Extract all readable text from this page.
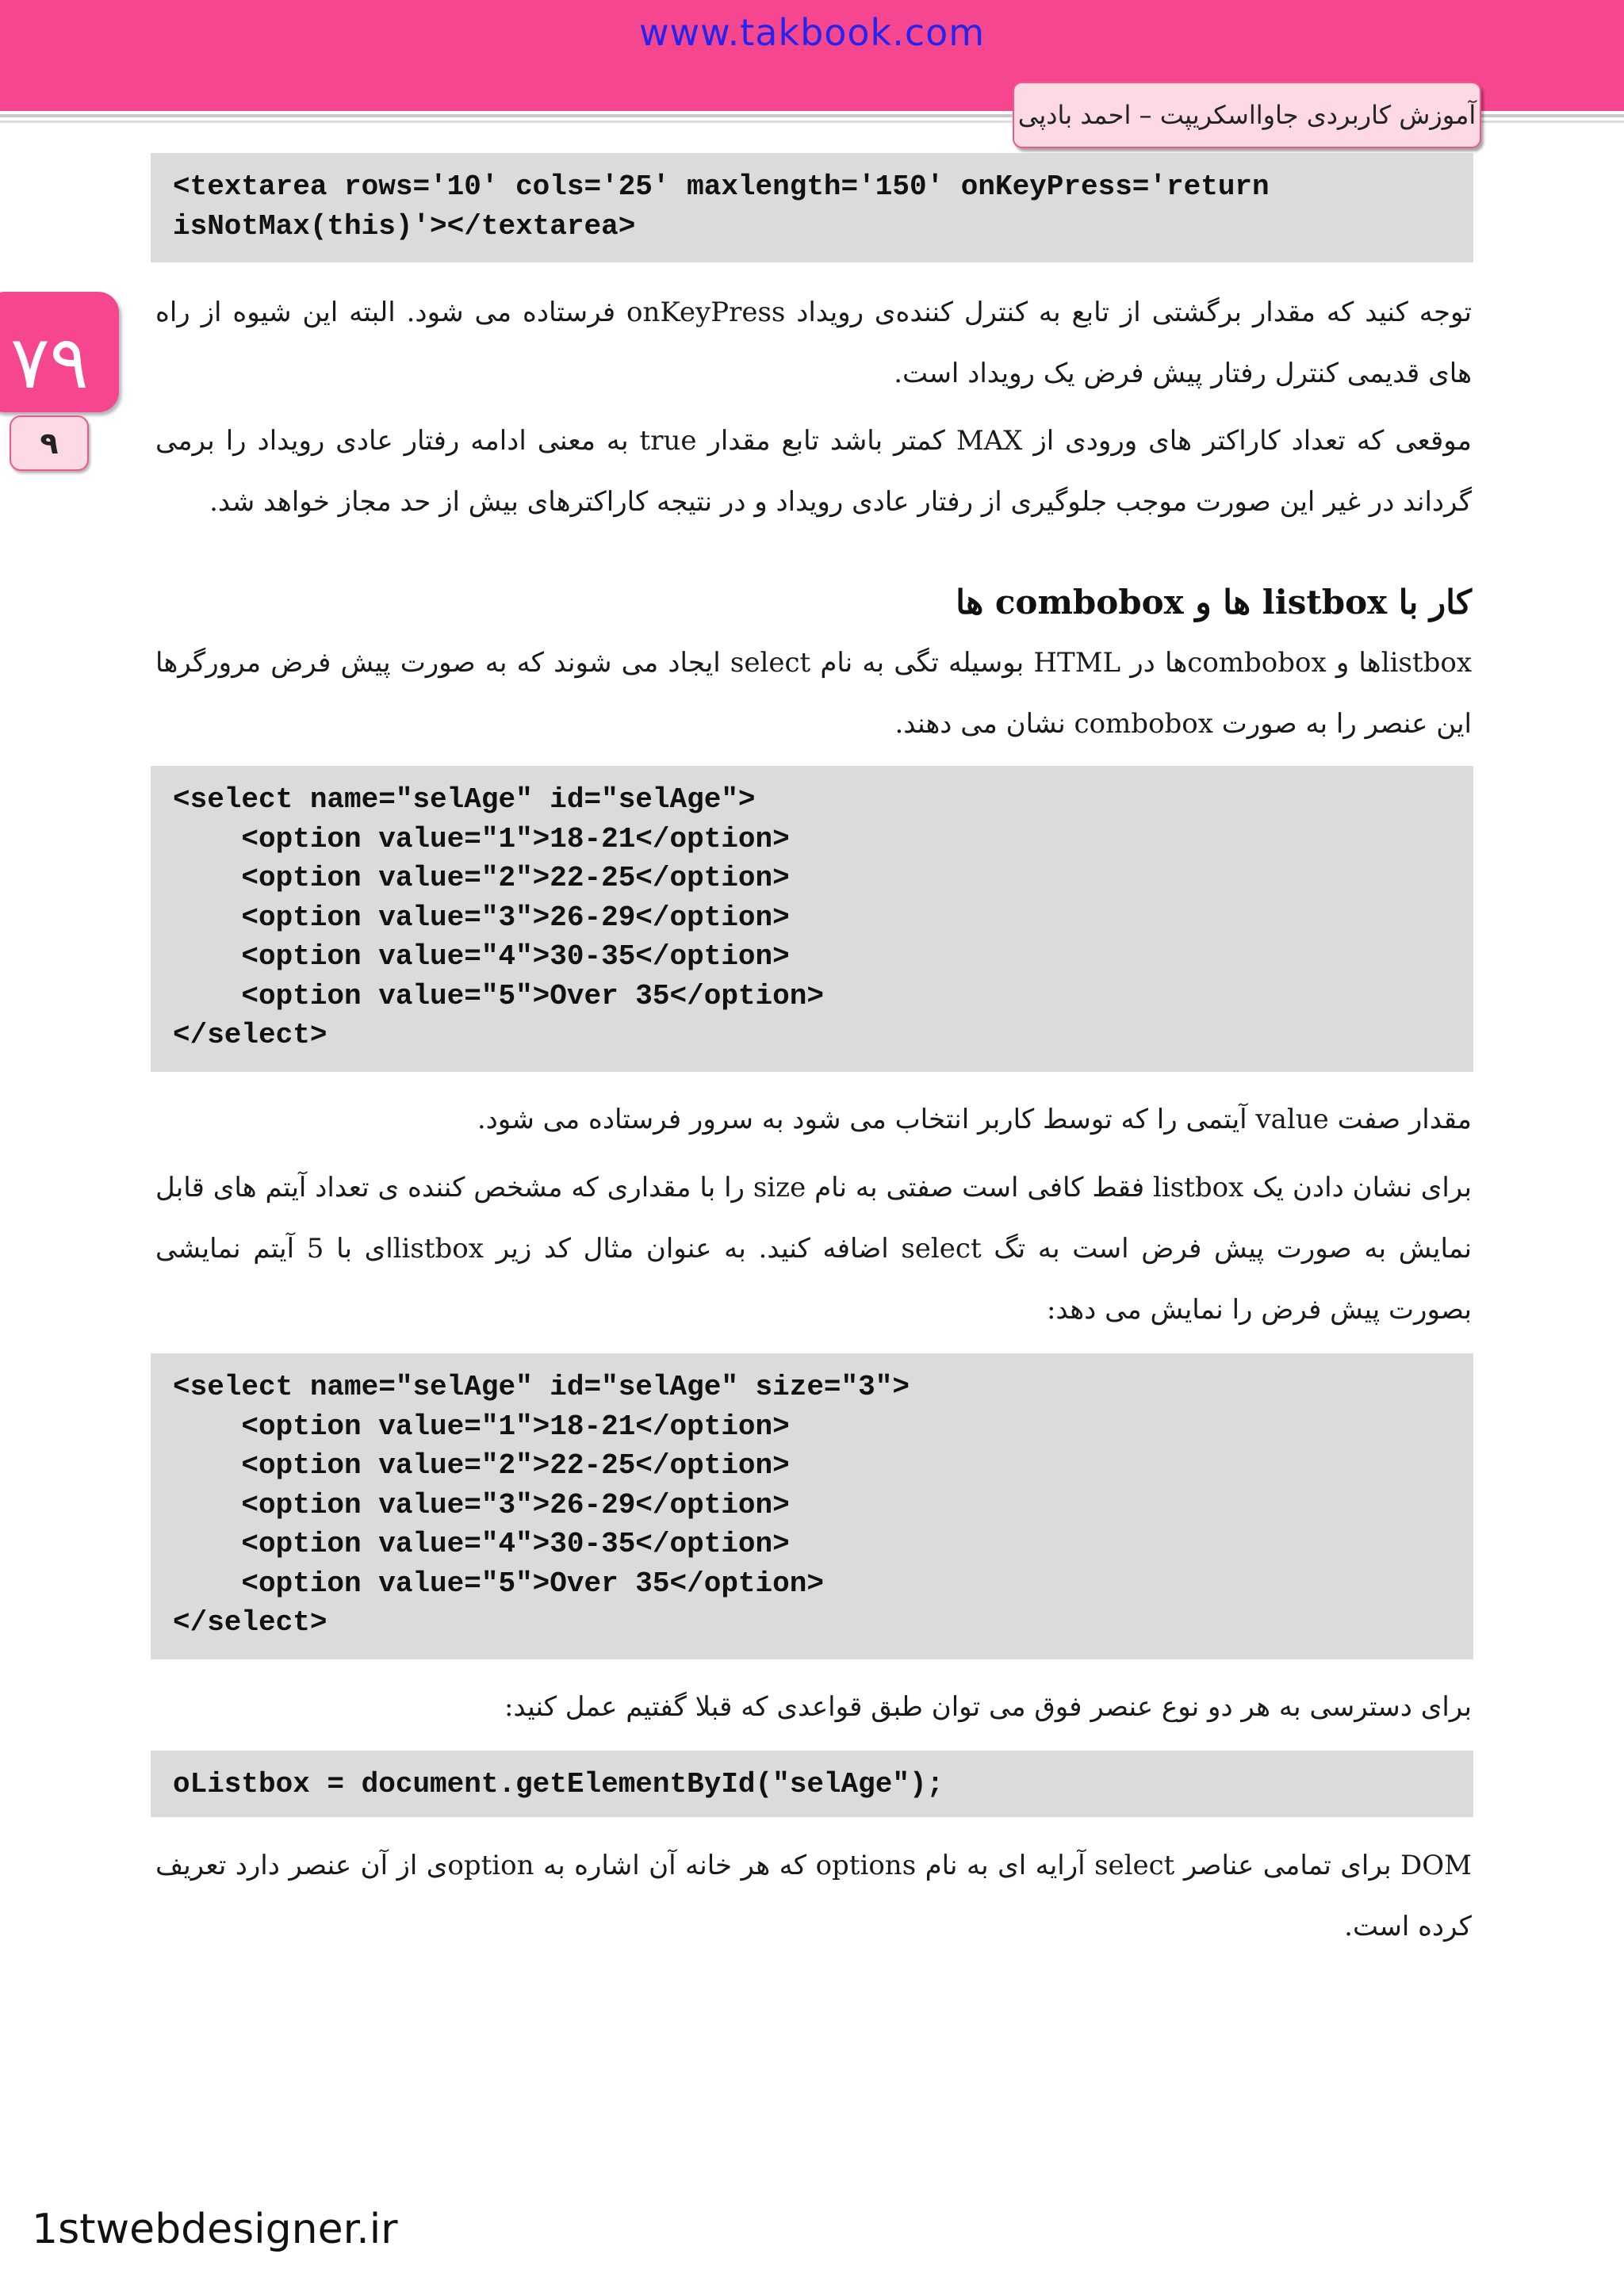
www.takbook.com
آموزش کاربردی جاوااسکریپت – احمد بادپی
۷۹
۹
<textarea rows='10' cols='25' maxlength='150' onKeyPress='return
isNotMax(this)'></textarea>
توجه کنید که مقدار برگشتی از تابع به کنترل کننده‌ی رویداد onKeyPress فرستاده می شود. البته این شیوه از راه های قدیمی کنترل رفتار پیش فرض یک رویداد است.
موقعی که تعداد کاراکتر های ورودی از MAX کمتر باشد تابع مقدار true به معنی ادامه رفتار عادی رویداد را برمی گرداند در غیر این صورت موجب جلوگیری از رفتار عادی رویداد و در نتیجه کاراکترهای بیش از حد مجاز خواهد شد.
کار با listbox ها و combobox ها
listboxها و comboboxها در HTML بوسیله تگی به نام select ایجاد می شوند که به صورت پیش فرض مرورگرها این عنصر را به صورت combobox نشان می دهند.
<select name="selAge" id="selAge">
<option value="1">18-21</option>
<option value="2">22-25</option>
<option value="3">26-29</option>
<option value="4">30-35</option>
<option value="5">Over 35</option>
</select>
مقدار صفت value آیتمی را که توسط کاربر انتخاب می شود به سرور فرستاده می شود.
برای نشان دادن یک listbox فقط کافی است صفتی به نام size را با مقداری که مشخص کننده ی تعداد آیتم های قابل نمایش به صورت پیش فرض است به تگ select اضافه کنید. به عنوان مثال کد زیر listboxای با 5 آیتم نمایشی بصورت پیش فرض را نمایش می دهد:
<select name="selAge" id="selAge" size="3">
<option value="1">18-21</option>
<option value="2">22-25</option>
<option value="3">26-29</option>
<option value="4">30-35</option>
<option value="5">Over 35</option>
</select>
برای دسترسی به هر دو نوع عنصر فوق می توان طبق قواعدی که قبلا گفتیم عمل کنید:
oListbox = document.getElementById("selAge");
DOM برای تمامی عناصر select آرایه ای به نام options که هر خانه آن اشاره به optionی از آن عنصر دارد تعریف کرده است.
1stwebdesigner.ir
